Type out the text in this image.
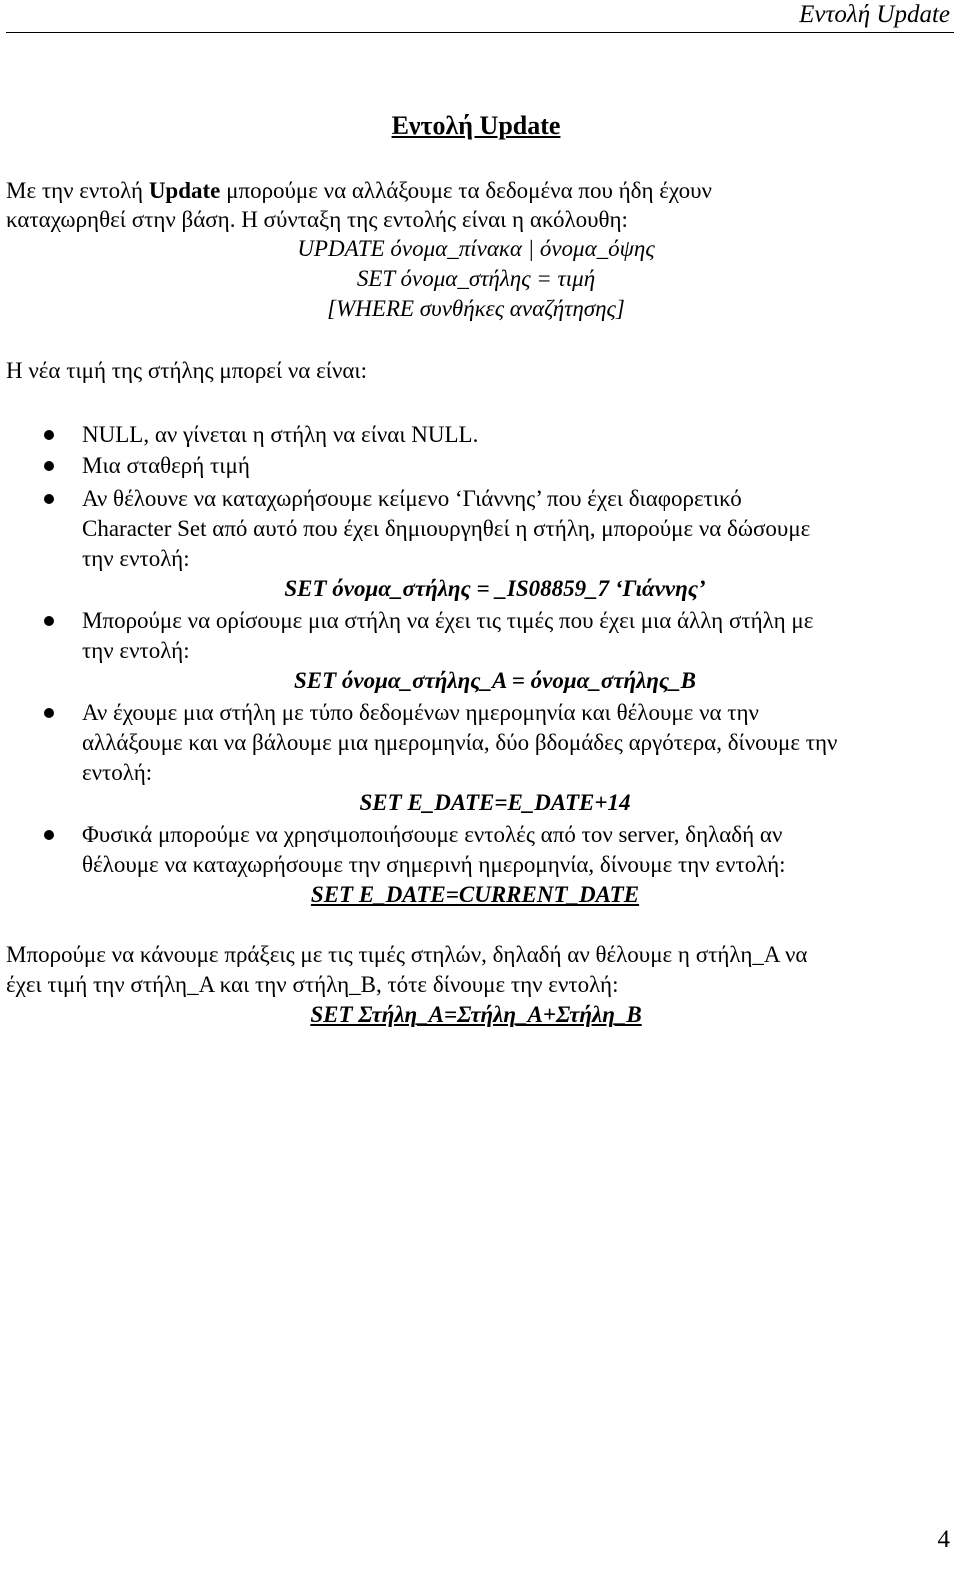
Εντολή Update
Εντολή Update
Με την εντολή Update μπορούμε να αλλάξουμε τα δεδομένα που ήδη έχουν
καταχωρηθεί στην βάση. Η σύνταξη της εντολής είναι η ακόλουθη:
UPDATE όνομα_πίνακα | όνομα_όψης
SET όνομα_στήλης = τιμή
[WHERE συνθήκες αναζήτησης]
Η νέα τιμή της στήλης μπορεί να είναι:
NULL, αν γίνεται η στήλη να είναι NULL.
Μια σταθερή τιμή
Αν θέλουνε να καταχωρήσουμε κείμενο ‘Γιάννης’ που έχει διαφορετικό
Character Set από αυτό που έχει δημιουργηθεί η στήλη, μπορούμε να δώσουμε
την εντολή:
SET όνομα_στήλης = _IS08859_7 ‘Γιάννης’
Μπορούμε να ορίσουμε μια στήλη να έχει τις τιμές που έχει μια άλλη στήλη με
την εντολή:
SET όνομα_στήλης_A = όνομα_στήλης_B
Αν έχουμε μια στήλη με τύπο δεδομένων ημερομηνία και θέλουμε να την
αλλάξουμε και να βάλουμε μια ημερομηνία, δύο βδομάδες αργότερα, δίνουμε την
εντολή:
SET E_DATE=E_DATE+14
Φυσικά μπορούμε να χρησιμοποιήσουμε εντολές από τον server, δηλαδή αν
θέλουμε να καταχωρήσουμε την σημερινή ημερομηνία, δίνουμε την εντολή:
SET E_DATE=CURRENT_DATE
Μπορούμε να κάνουμε πράξεις με τις τιμές στηλών, δηλαδή αν θέλουμε η στήλη_A να
έχει τιμή την στήλη_A και την στήλη_B, τότε δίνουμε την εντολή:
SET Στήλη_A=Στήλη_A+Στήλη_B
4
